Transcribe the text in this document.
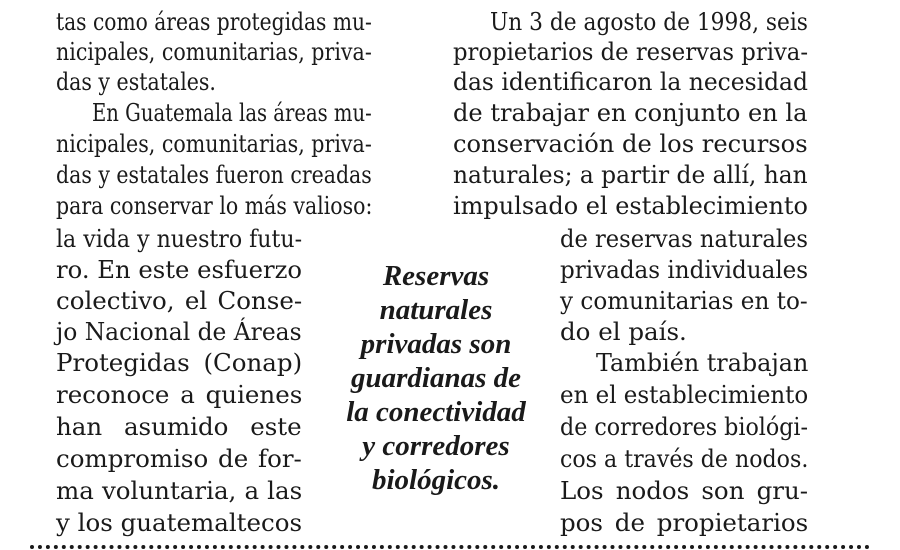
tas como áreas protegidas mu-
nicipales, comunitarias, priva-
das y estatales.
En Guatemala las áreas mu-
nicipales, comunitarias, priva-
das y estatales fueron creadas
para conservar lo más valioso:
la vida y nuestro futu-
ro. En este esfuerzo
colectivo, el Conse-
jo Nacional de Áreas
Protegidas (Conap)
reconoce a quienes
han asumido este
compromiso de for-
ma voluntaria, a las
y los guatemaltecos
Un 3 de agosto de 1998, seis
propietarios de reservas priva-
das identificaron la necesidad
de trabajar en conjunto en la
conservación de los recursos
naturales; a partir de allí, han
impulsado el establecimiento
de reservas naturales
privadas individuales
y comunitarias en to-
do el país.
También trabajan
en el establecimiento
de corredores biológi-
cos a través de nodos.
Los nodos son gru-
pos de propietarios
Reservas
naturales
privadas son
guardianas de
la conectividad
y corredores
biológicos.
